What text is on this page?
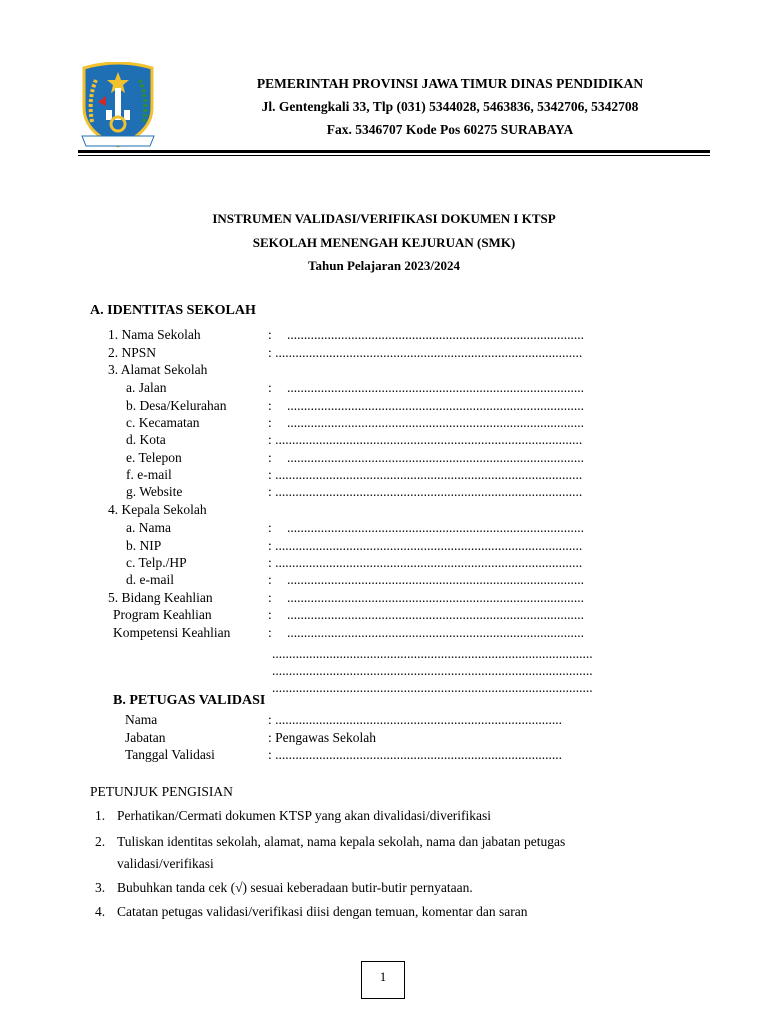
PEMERINTAH PROVINSI JAWA TIMUR DINAS PENDIDIKAN
Jl. Gentengkali 33, Tlp (031) 5344028, 5463836, 5342706, 5342708
Fax. 5346707 Kode Pos 60275 SURABAYA
INSTRUMEN VALIDASI/VERIFIKASI DOKUMEN I KTSP
SEKOLAH MENENGAH KEJURUAN (SMK)
Tahun Pelajaran 2023/2024
A. IDENTITAS SEKOLAH
1. Nama Sekolah	: ........................................................................................
2. NPSN	: ...........................................................................................
3. Alamat Sekolah
a. Jalan	: ........................................................................................
b. Desa/Kelurahan	: ........................................................................................
c. Kecamatan	: ........................................................................................
d. Kota	: ...........................................................................................
e. Telepon	: ........................................................................................
f. e-mail	: ...........................................................................................
g. Website	: ...........................................................................................
4. Kepala Sekolah
a. Nama	: ........................................................................................
b. NIP	: ...........................................................................................
c. Telp./HP	: ...........................................................................................
d. e-mail	: ........................................................................................
5. Bidang Keahlian	: ........................................................................................
Program Keahlian	: ........................................................................................
Kompetensi Keahlian	: ........................................................................................
...............................................................................................
...............................................................................................
...............................................................................................
B. PETUGAS VALIDASI
Nama	: .....................................................................................
Jabatan	: Pengawas Sekolah
Tanggal Validasi	: .....................................................................................
PETUNJUK PENGISIAN
1. Perhatikan/Cermati dokumen KTSP yang akan divalidasi/diverifikasi
2. Tuliskan identitas sekolah, alamat, nama kepala sekolah, nama dan jabatan petugas
validasi/verifikasi
3. Bubuhkan tanda cek (√) sesuai keberadaan butir-butir pernyataan.
4. Catatan petugas validasi/verifikasi diisi dengan temuan, komentar dan saran
1
